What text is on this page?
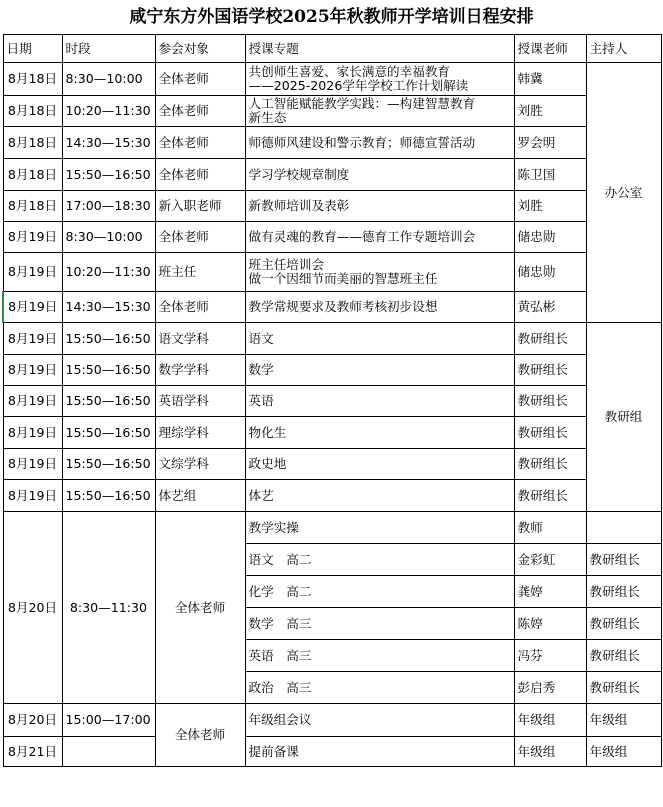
咸宁东方外国语学校2025年秋教师开学培训日程安排
日期	时段	参会对象	授课专题	授课老师	主持人
8月18日	8:30—10:00	全体老师	共创师生喜爱、家长满意的幸福教育
——2025-2026学年学校工作计划解读	韩冀	办公室
8月18日	10:20—11:30	全体老师	人工智能赋能教学实践：—构建智慧教育
新生态	刘胜	
8月18日	14:30—15:30	全体老师	师德师风建设和警示教育；师德宣誓活动	罗会明	
8月18日	15:50—16:50	全体老师	学习学校规章制度	陈卫国	
8月18日	17:00—18:30	新入职老师	新教师培训及表彰	刘胜	
8月19日	8:30—10:00	全体老师	做有灵魂的教育——德育工作专题培训会	储忠勋	
8月19日	10:20—11:30	班主任	班主任培训会
做一个因细节而美丽的智慧班主任	储忠勋	
8月19日	14:30—15:30	全体老师	教学常规要求及教师考核初步设想	黄弘彬	
8月19日	15:50—16:50	语文学科	语文	教研组长	教研组
8月19日	15:50—16:50	数学学科	数学	教研组长	
8月19日	15:50—16:50	英语学科	英语	教研组长	
8月19日	15:50—16:50	理综学科	物化生	教研组长	
8月19日	15:50—16:50	文综学科	政史地	教研组长	
8月19日	15:50—16:50	体艺组	体艺	教研组长	
8月20日	8:30—11:30	全体老师	教学实操	教师	
			语文　高二	金彩虹	教研组长
			化学　高二	龚婷	教研组长
			数学　高三	陈婷	教研组长
			英语　高三	冯芬	教研组长
			政治　高三	彭启秀	教研组长
8月20日	15:00—17:00	全体老师	年级组会议	年级组	年级组
8月21日			提前备课	年级组	年级组
